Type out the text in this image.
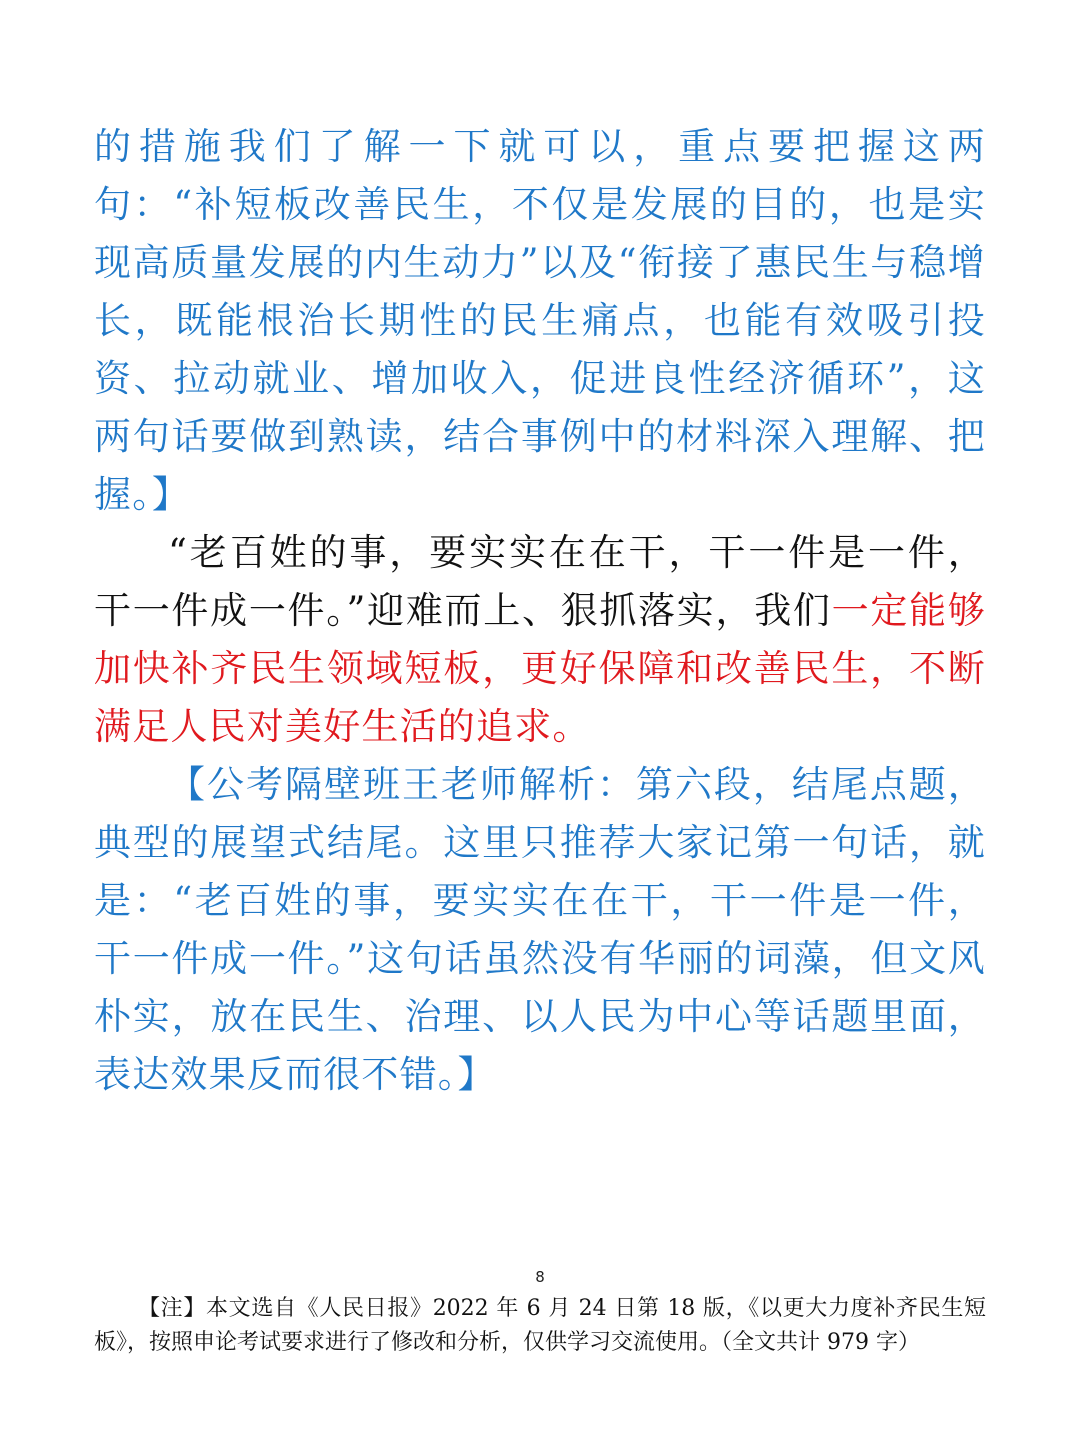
的措施我们了解一下就可以，重点要把握这两句：“补短板改善民生，不仅是发展的目的，也是实现高质量发展的内生动力”以及“衔接了惠民生与稳增长，既能根治长期性的民生痛点，也能有效吸引投资、拉动就业、增加收入，促进良性经济循环”，这两句话要做到熟读，结合事例中的材料深入理解、把握。】

“老百姓的事，要实实在在干，干一件是一件，干一件成一件。”迎难而上、狠抓落实，我们一定能够加快补齐民生领域短板，更好保障和改善民生，不断满足人民对美好生活的追求。

【公考隔壁班王老师解析：第六段，结尾点题，典型的展望式结尾。这里只推荐大家记第一句话，就是：“老百姓的事，要实实在在干，干一件是一件，干一件成一件。”这句话虽然没有华丽的词藻，但文风朴实，放在民生、治理、以人民为中心等话题里面，表达效果反而很不错。】

8
【注】本文选自《人民日报》2022 年 6 月 24 日第 18 版，《以更大力度补齐民生短板》，按照申论考试要求进行了修改和分析，仅供学习交流使用。（全文共计 979 字）
